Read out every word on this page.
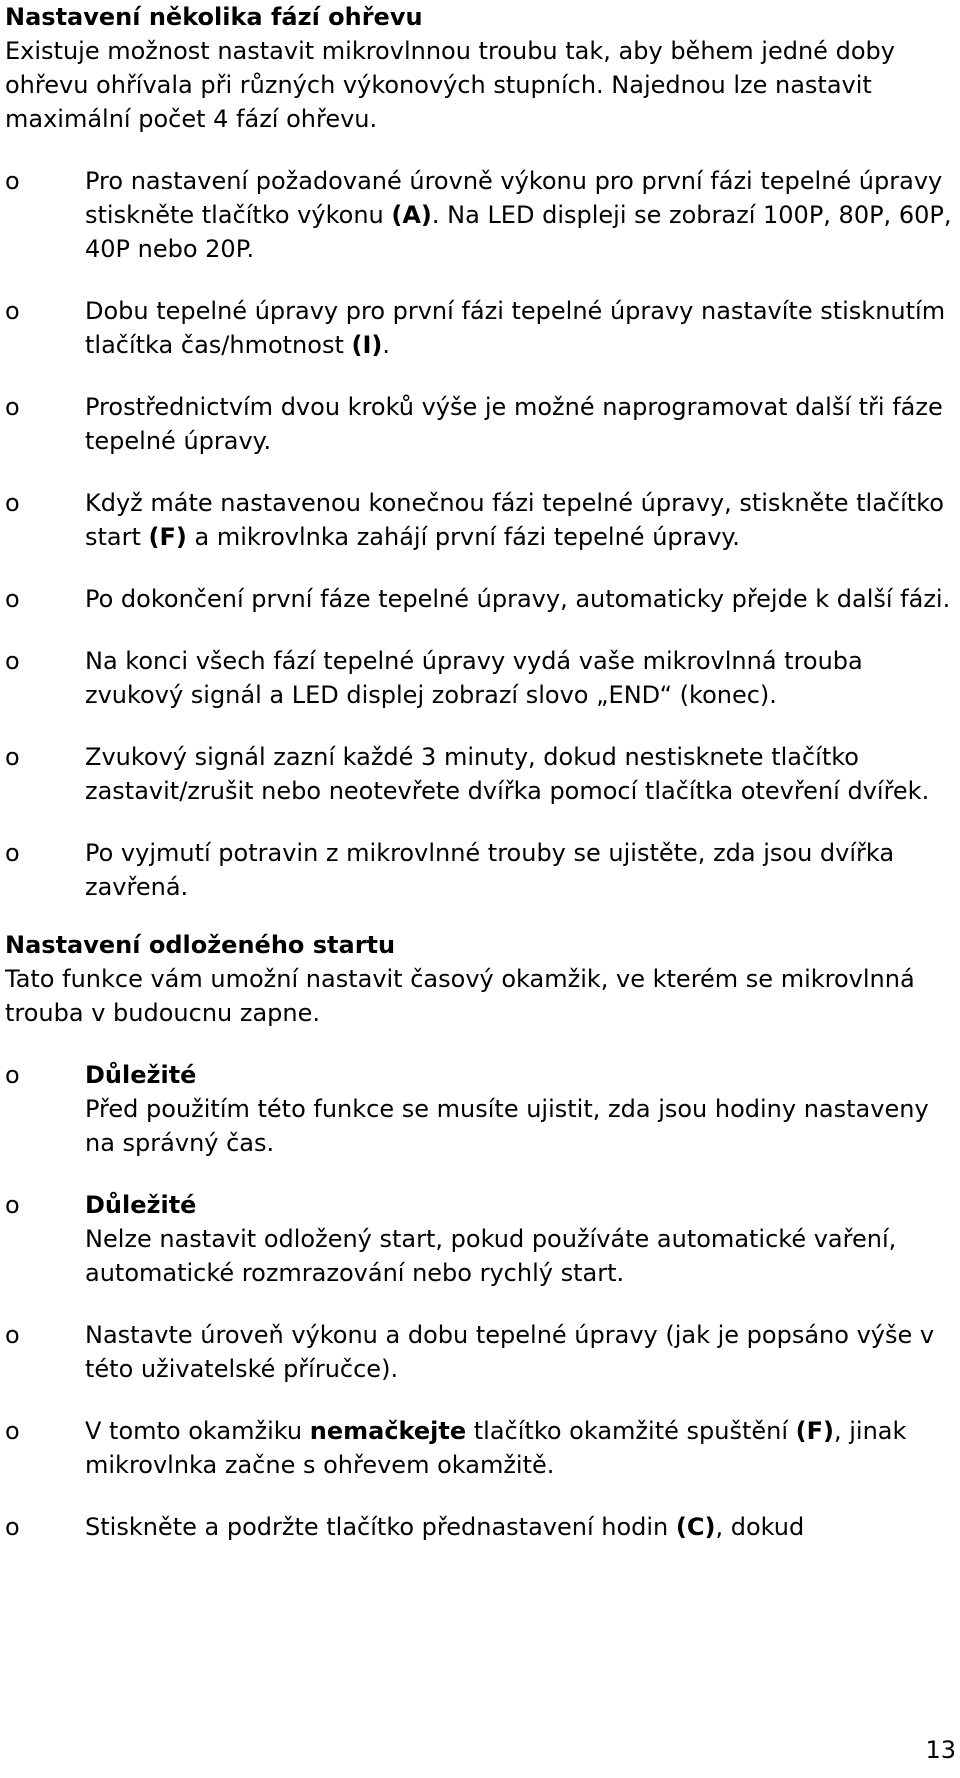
Nastavení několika fází ohřevu

Existuje možnost nastavit mikrovlnnou troubu tak, aby během jedné doby ohřevu ohřívala při různých výkonových stupních. Najednou lze nastavit maximální počet 4 fází ohřevu.

o	Pro nastavení požadované úrovně výkonu pro první fázi tepelné úpravy stiskněte tlačítko výkonu (A). Na LED displeji se zobrazí 100P, 80P, 60P, 40P nebo 20P.
o	Dobu tepelné úpravy pro první fázi tepelné úpravy nastavíte stisknutím tlačítka čas/hmotnost (I).
o	Prostřednictvím dvou kroků výše je možné naprogramovat další tři fáze tepelné úpravy.
o	Když máte nastavenou konečnou fázi tepelné úpravy, stiskněte tlačítko start (F) a mikrovlnka zahájí první fázi tepelné úpravy.
o	Po dokončení první fáze tepelné úpravy, automaticky přejde k další fázi.
o	Na konci všech fází tepelné úpravy vydá vaše mikrovlnná trouba zvukový signál a LED displej zobrazí slovo „END“ (konec).
o	Zvukový signál zazní každé 3 minuty, dokud nestisknete tlačítko zastavit/zrušit nebo neotevřete dvířka pomocí tlačítka otevření dvířek.
o	Po vyjmutí potravin z mikrovlnné trouby se ujistěte, zda jsou dvířka zavřená.
Nastavení odloženého startu

Tato funkce vám umožní nastavit časový okamžik, ve kterém se mikrovlnná trouba v budoucnu zapne.

o	Důležité
Před použitím této funkce se musíte ujistit, zda jsou hodiny nastaveny na správný čas.
o	Důležité
Nelze nastavit odložený start, pokud používáte automatické vaření, automatické rozmrazování nebo rychlý start.
o	Nastavte úroveň výkonu a dobu tepelné úpravy (jak je popsáno výše v této uživatelské příručce).
o	V tomto okamžiku nemačkejte tlačítko okamžité spuštění (F), jinak mikrovlnka začne s ohřevem okamžitě.
o	Stiskněte a podržte tlačítko přednastavení hodin (C), dokud
13
